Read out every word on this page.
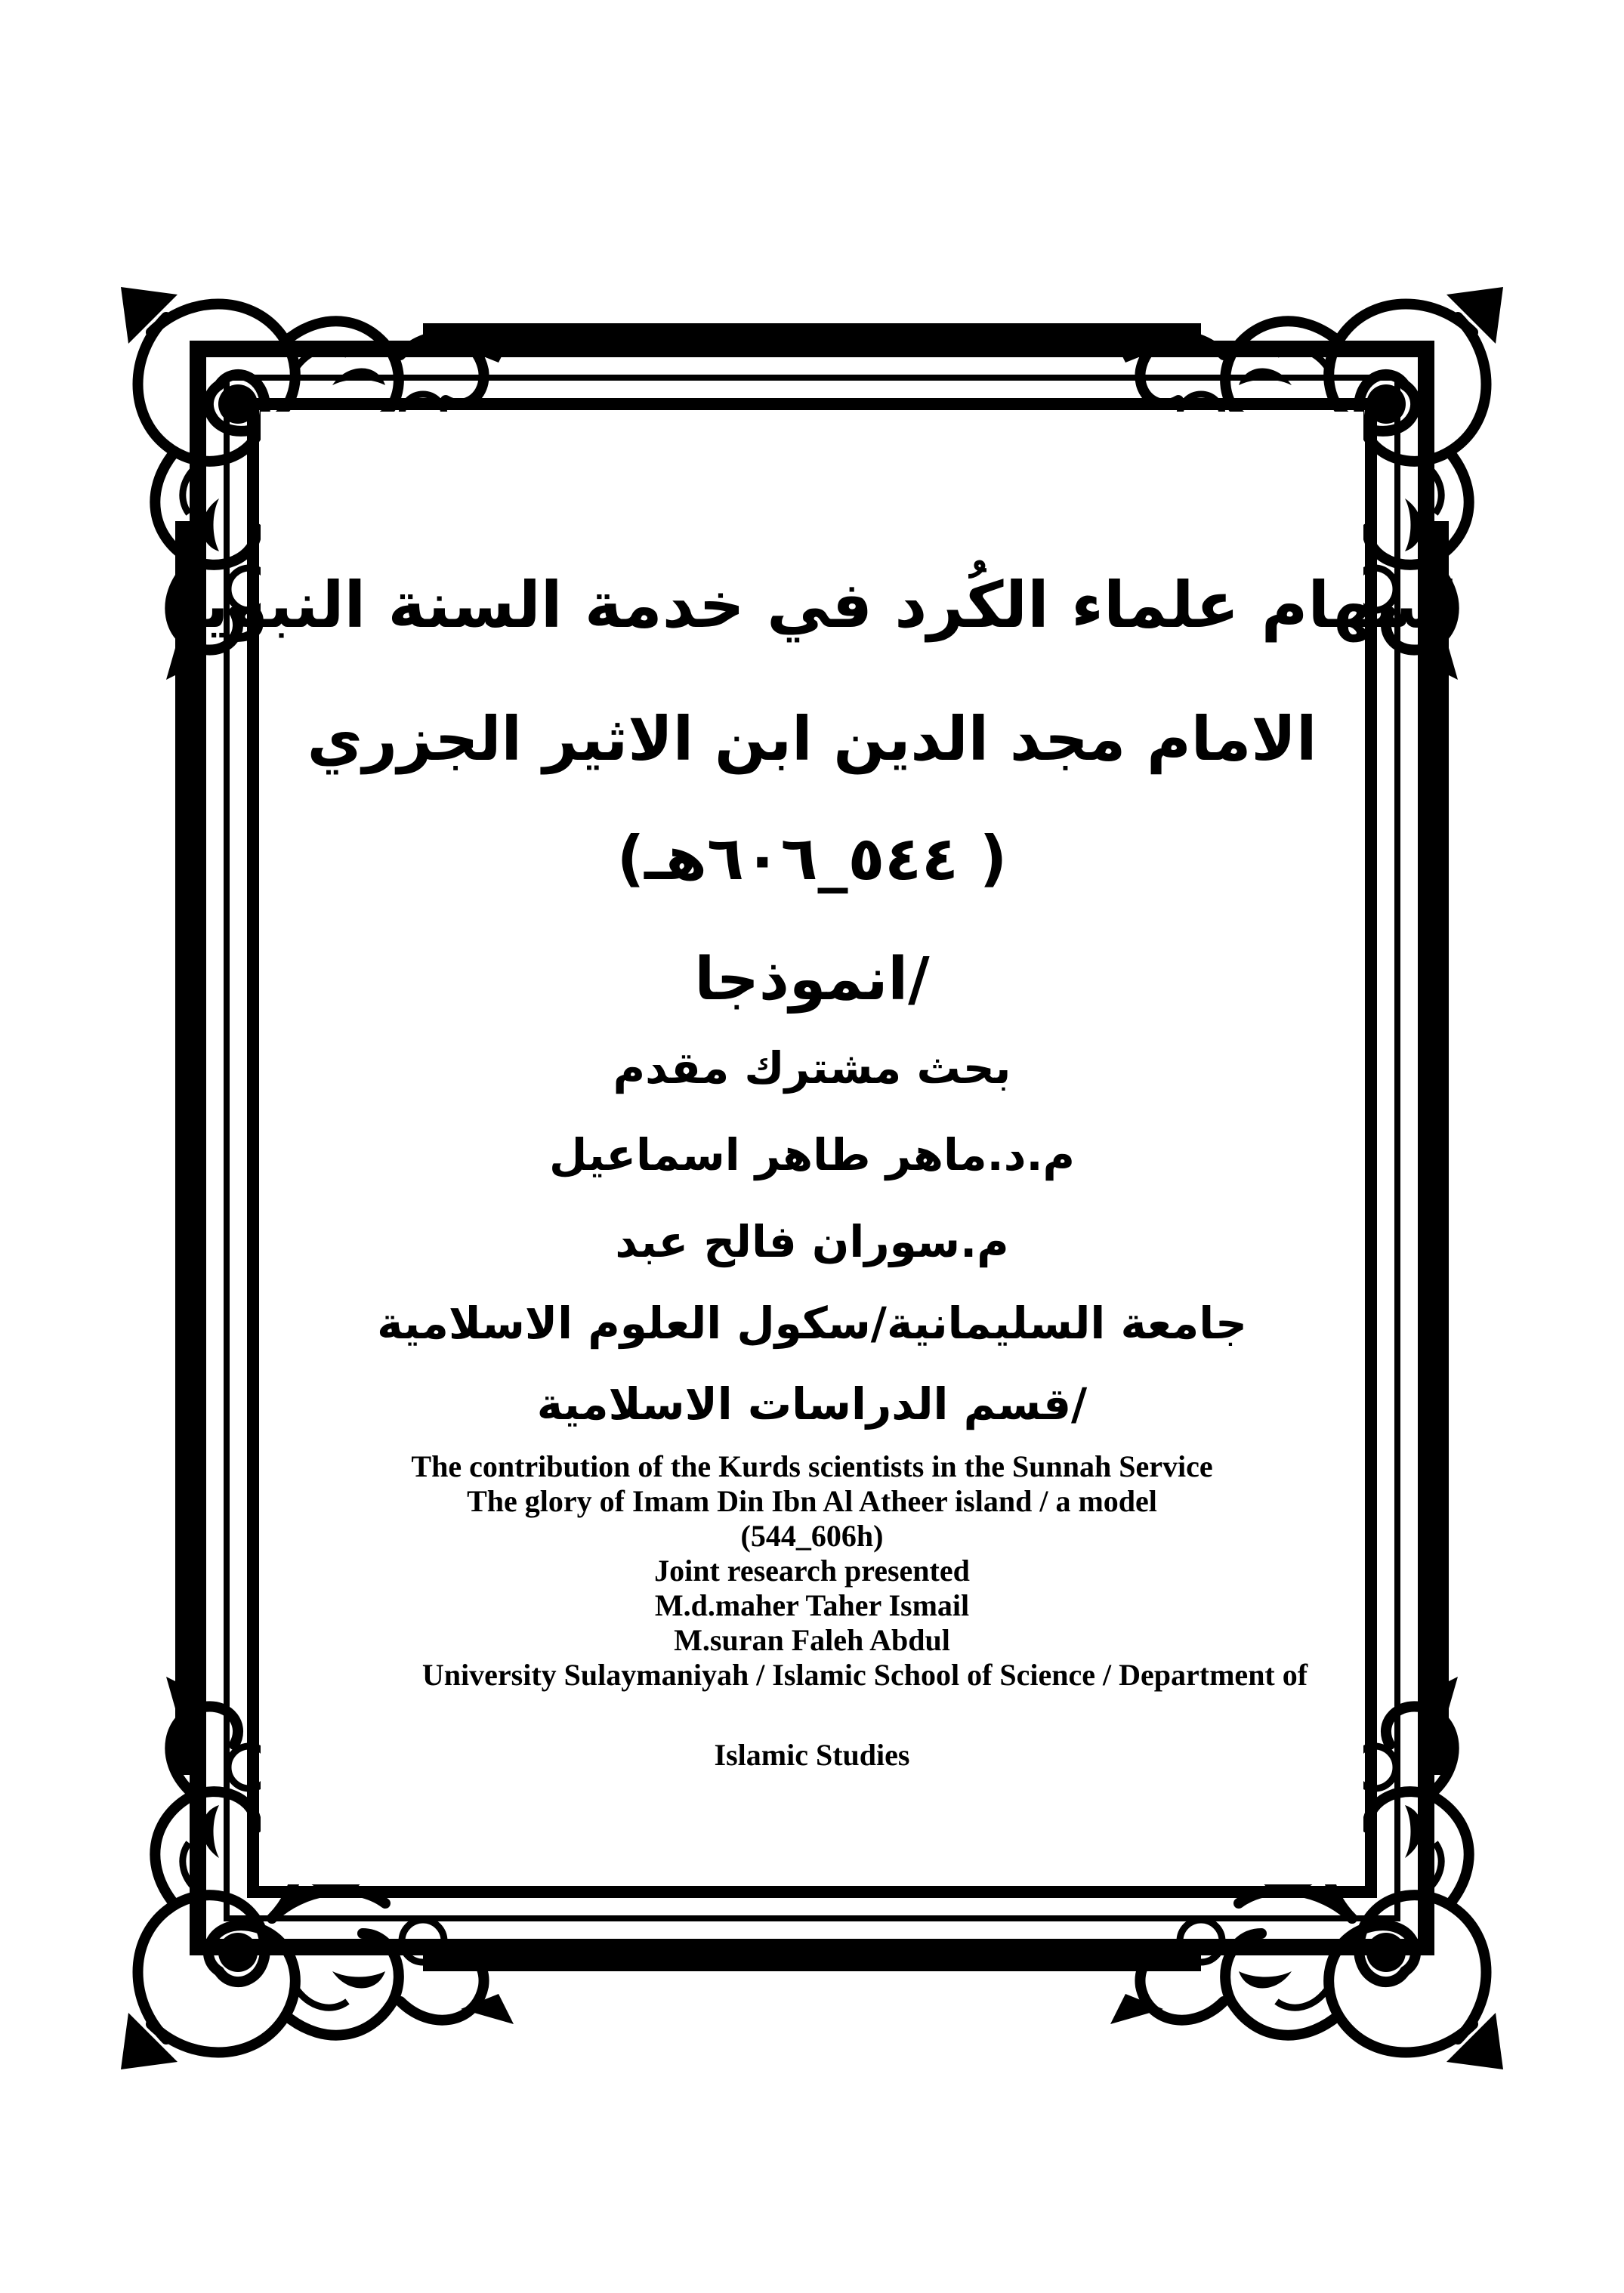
اسهام علماء الكُرد في خدمة السنة النبوية
الامام مجد الدين ابن الاثير الجزري
( ٥٤٤_٦٠٦هـ)
/انموذجا
بحث مشترك مقدم
م.د.ماهر طاهر اسماعيل
م.سوران فالح عبد
جامعة السليمانية/سكول العلوم الاسلامية
/قسم الدراسات الاسلامية
The contribution of the Kurds scientists in the Sunnah Service
The glory of Imam Din Ibn Al Atheer island / a model
(544_606h)
Joint research presented
M.d.maher Taher Ismail
M.suran Faleh Abdul
University Sulaymaniyah / Islamic School of Science / Department of
Islamic Studies
